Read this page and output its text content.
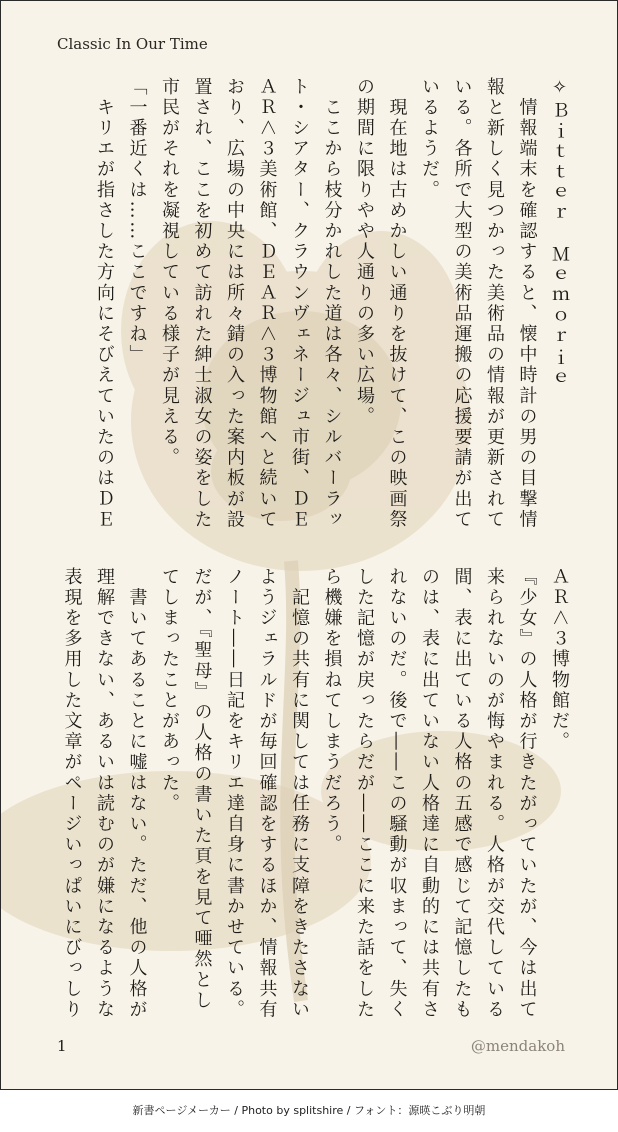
Classic In Our Time

✧Ｂｉｔｔｅｒ　Ｍｅｍｏｒｉｅ

　情報端末を確認すると、懐中時計の男の目撃情

報と新しく見つかった美術品の情報が更新されて

いる。各所で大型の美術品運搬の応援要請が出て

いるようだ。

　現在地は古めかしい通りを抜けて、この映画祭

の期間に限りやや人通りの多い広場。

　ここから枝分かれした道は各々、シルバーラッ

ト・シアター、クラウンヴェネージュ市街、ＤＥ

ＡＲ＜３美術館、ＤＥＡＲ＜３博物館へと続いて

おり、広場の中央には所々錆の入った案内板が設

置され、ここを初めて訪れた紳士淑女の姿をした

市民がそれを凝視している様子が見える。

「一番近くは……ここですね」

　キリエが指さした方向にそびえていたのはＤＥ

ＡＲ＜３博物館だ。

『少女』の人格が行きたがっていたが、今は出て

来られないのが悔やまれる。人格が交代している

間、表に出ている人格の五感で感じて記憶したも

のは、表に出ていない人格達に自動的には共有さ

れないのだ。後で――この騒動が収まって、失く

した記憶が戻ったらだが――ここに来た話をした

ら機嫌を損ねてしまうだろう。

　記憶の共有に関しては任務に支障をきたさない

ようジェラルドが毎回確認をするほか、情報共有

ノート――日記をキリエ達自身に書かせている。

だが、『聖母』の人格の書いた頁を見て唖然とし

てしまったことがあった。

　書いてあることに嘘はない。ただ、他の人格が

理解できない、あるいは読むのが嫌になるような

表現を多用した文章がページいっぱいにびっしり

1	@mendakoh
新書ページメーカー / Photo by splitshire / フォント：源暎こぶり明朝
